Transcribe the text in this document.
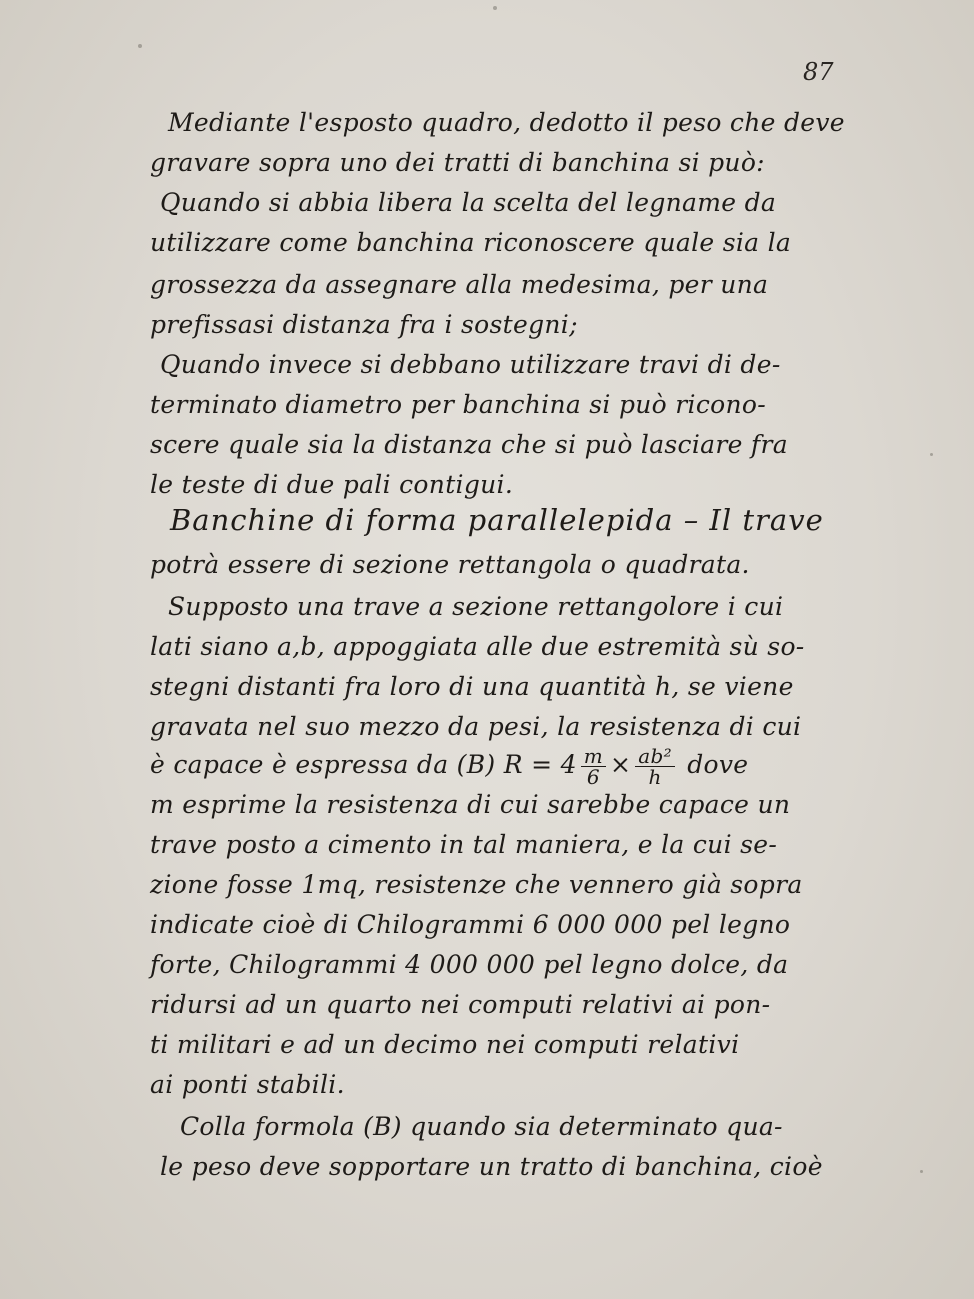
87
Mediante l'esposto quadro, dedotto il peso che deve
gravare sopra uno dei tratti di banchina si può:
Quando si abbia libera la scelta del legname da
utilizzare come banchina riconoscere quale sia la
grossezza da assegnare alla medesima, per una
prefissasi distanza fra i sostegni;
Quando invece si debbano utilizzare travi di de-
terminato diametro per banchina si può ricono-
scere quale sia la distanza che si può lasciare fra
le teste di due pali contigui.
Banchine di forma parallelepida – Il trave
potrà essere di sezione rettangola o quadrata.
Supposto una trave a sezione rettangolore i cui
lati siano a,b, appoggiata alle due estremità sù so-
stegni distanti fra loro di una quantità h, se viene
gravata nel suo mezzo da pesi, la resistenza di cui
è capace è espressa da (B) $R = 4 \frac{m}{6} \times \frac{\text{ab²}}{h}$ dove
m esprime la resistenza di cui sarebbe capace un
trave posto a cimento in tal maniera, e la cui se-
zione fosse 1mq, resistenze che vennero già sopra
indicate cioè di Chilogrammi 6 000 000 pel legno
forte, Chilogrammi 4 000 000 pel legno dolce, da
ridursi ad un quarto nei computi relativi ai pon-
ti militari e ad un decimo nei computi relativi
ai ponti stabili.
Colla formola (B) quando sia determinato qua-
le peso deve sopportare un tratto di banchina, cioè
